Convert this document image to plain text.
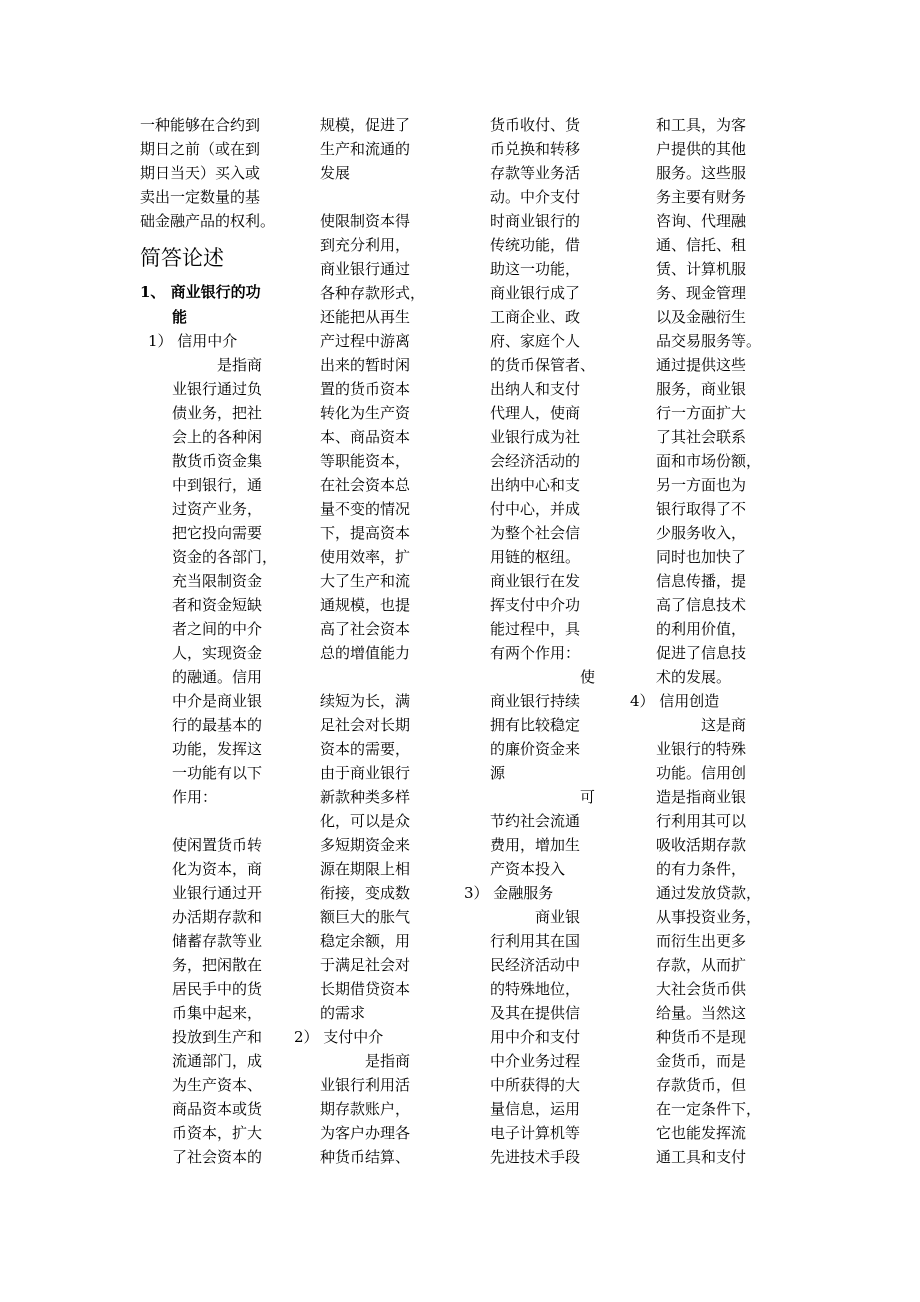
一种能够在合约到
期日之前（或在到
期日当天）买入或
卖出一定数量的基
础金融产品的权利。
简答论述
1、 商业银行的功
能
1） 信用中介
　　　是指商
业银行通过负
债业务，把社
会上的各种闲
散货币资金集
中到银行，通
过资产业务，
把它投向需要
资金的各部门，
充当限制资金
者和资金短缺
者之间的中介
人，实现资金
的融通。信用
中介是商业银
行的最基本的
功能，发挥这
一功能有以下
作用：
使闲置货币转
化为资本，商
业银行通过开
办活期存款和
储蓄存款等业
务，把闲散在
居民手中的货
币集中起来，
投放到生产和
流通部门，成
为生产资本、
商品资本或货
币资本，扩大
了社会资本的
规模，促进了
生产和流通的
发展
使限制资本得
到充分利用，
商业银行通过
各种存款形式，
还能把从再生
产过程中游离
出来的暂时闲
置的货币资本
转化为生产资
本、商品资本
等职能资本，
在社会资本总
量不变的情况
下，提高资本
使用效率，扩
大了生产和流
通规模，也提
高了社会资本
总的增值能力
续短为长，满
足社会对长期
资本的需要，
由于商业银行
新款种类多样
化，可以是众
多短期资金来
源在期限上相
衔接，变成数
额巨大的胀气
稳定余额，用
于满足社会对
长期借贷资本
的需求
2） 支付中介
　　　是指商
业银行利用活
期存款账户，
为客户办理各
种货币结算、
货币收付、货
币兑换和转移
存款等业务活
动。中介支付
时商业银行的
传统功能，借
助这一功能，
商业银行成了
工商企业、政
府、家庭个人
的货币保管者、
出纳人和支付
代理人，使商
业银行成为社
会经济活动的
出纳中心和支
付中心，并成
为整个社会信
用链的枢纽。
商业银行在发
挥支付中介功
能过程中，具
有两个作用：
　　　　　　使
商业银行持续
拥有比较稳定
的廉价资金来
源
　　　　　　可
节约社会流通
费用，增加生
产资本投入
3） 金融服务
　　　商业银
行利用其在国
民经济活动中
的特殊地位，
及其在提供信
用中介和支付
中介业务过程
中所获得的大
量信息，运用
电子计算机等
先进技术手段
和工具，为客
户提供的其他
服务。这些服
务主要有财务
咨询、代理融
通、信托、租
赁、计算机服
务、现金管理
以及金融衍生
品交易服务等。
通过提供这些
服务，商业银
行一方面扩大
了其社会联系
面和市场份额，
另一方面也为
银行取得了不
少服务收入，
同时也加快了
信息传播，提
高了信息技术
的利用价值，
促进了信息技
术的发展。
4） 信用创造
　　　这是商
业银行的特殊
功能。信用创
造是指商业银
行利用其可以
吸收活期存款
的有力条件，
通过发放贷款，
从事投资业务，
而衍生出更多
存款，从而扩
大社会货币供
给量。当然这
种货币不是现
金货币，而是
存款货币，但
在一定条件下，
它也能发挥流
通工具和支付
